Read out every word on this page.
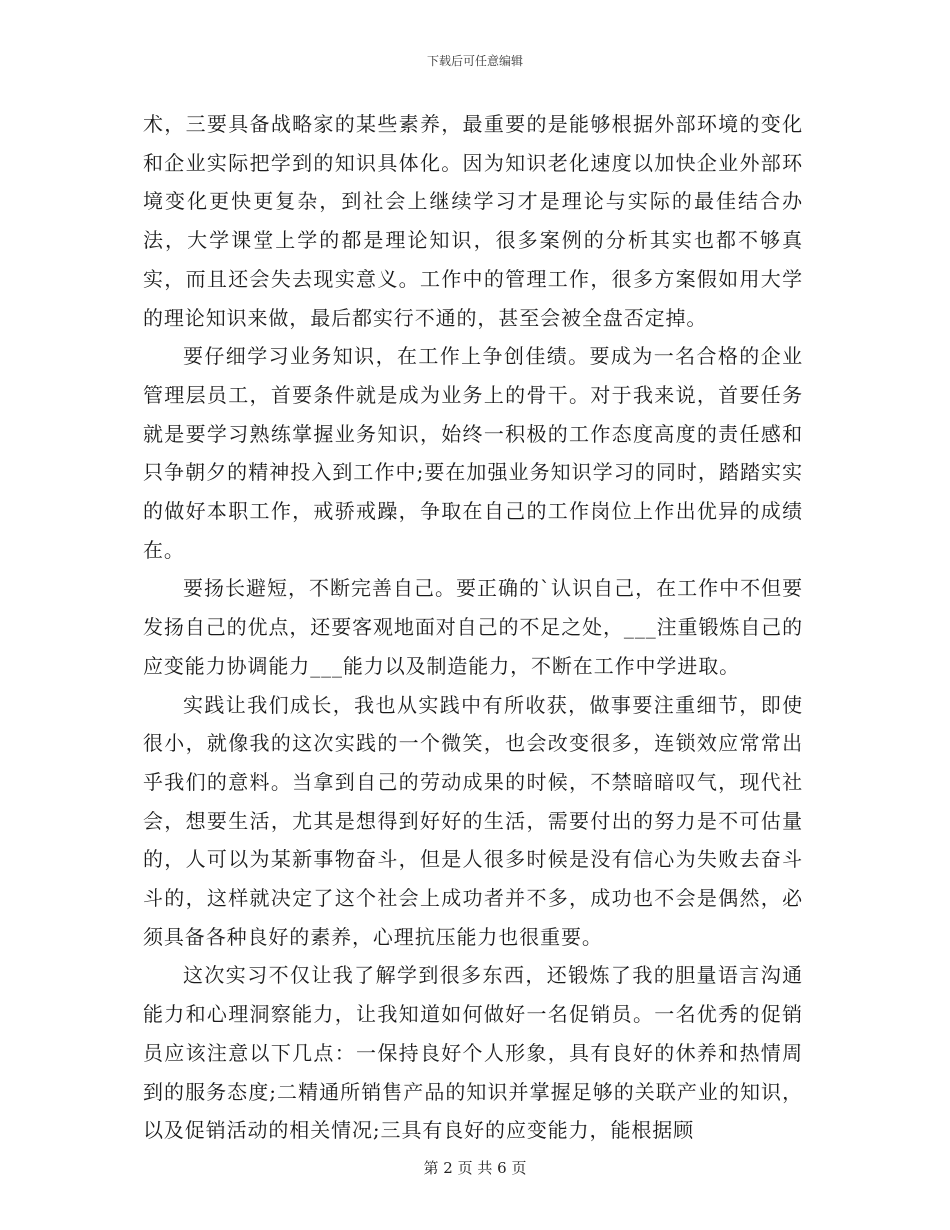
下载后可任意编辑

术，三要具备战略家的某些素养，最重要的是能够根据外部环境的变化和企业实际把学到的知识具体化。因为知识老化速度以加快企业外部环境变化更快更复杂，到社会上继续学习才是理论与实际的最佳结合办法，大学课堂上学的都是理论知识，很多案例的分析其实也都不够真实，而且还会失去现实意义。工作中的管理工作，很多方案假如用大学的理论知识来做，最后都实行不通的，甚至会被全盘否定掉。

要仔细学习业务知识，在工作上争创佳绩。要成为一名合格的企业管理层员工，首要条件就是成为业务上的骨干。对于我来说，首要任务就是要学习熟练掌握业务知识，始终一积极的工作态度高度的责任感和只争朝夕的精神投入到工作中;要在加强业务知识学习的同时，踏踏实实的做好本职工作，戒骄戒躁，争取在自己的工作岗位上作出优异的成绩在。

要扬长避短，不断完善自己。要正确的`认识自己，在工作中不但要发扬自己的优点，还要客观地面对自己的不足之处，___注重锻炼自己的应变能力协调能力___能力以及制造能力，不断在工作中学进取。

实践让我们成长，我也从实践中有所收获，做事要注重细节，即使很小，就像我的这次实践的一个微笑，也会改变很多，连锁效应常常出乎我们的意料。当拿到自己的劳动成果的时候，不禁暗暗叹气，现代社会，想要生活，尤其是想得到好好的生活，需要付出的努力是不可估量的，人可以为某新事物奋斗，但是人很多时候是没有信心为失败去奋斗斗的，这样就决定了这个社会上成功者并不多，成功也不会是偶然，必须具备各种良好的素养，心理抗压能力也很重要。

这次实习不仅让我了解学到很多东西，还锻炼了我的胆量语言沟通能力和心理洞察能力，让我知道如何做好一名促销员。一名优秀的促销员应该注意以下几点：一保持良好个人形象，具有良好的休养和热情周到的服务态度;二精通所销售产品的知识并掌握足够的关联产业的知识，以及促销活动的相关情况;三具有良好的应变能力，能根据顾

第 2 页 共 6 页
